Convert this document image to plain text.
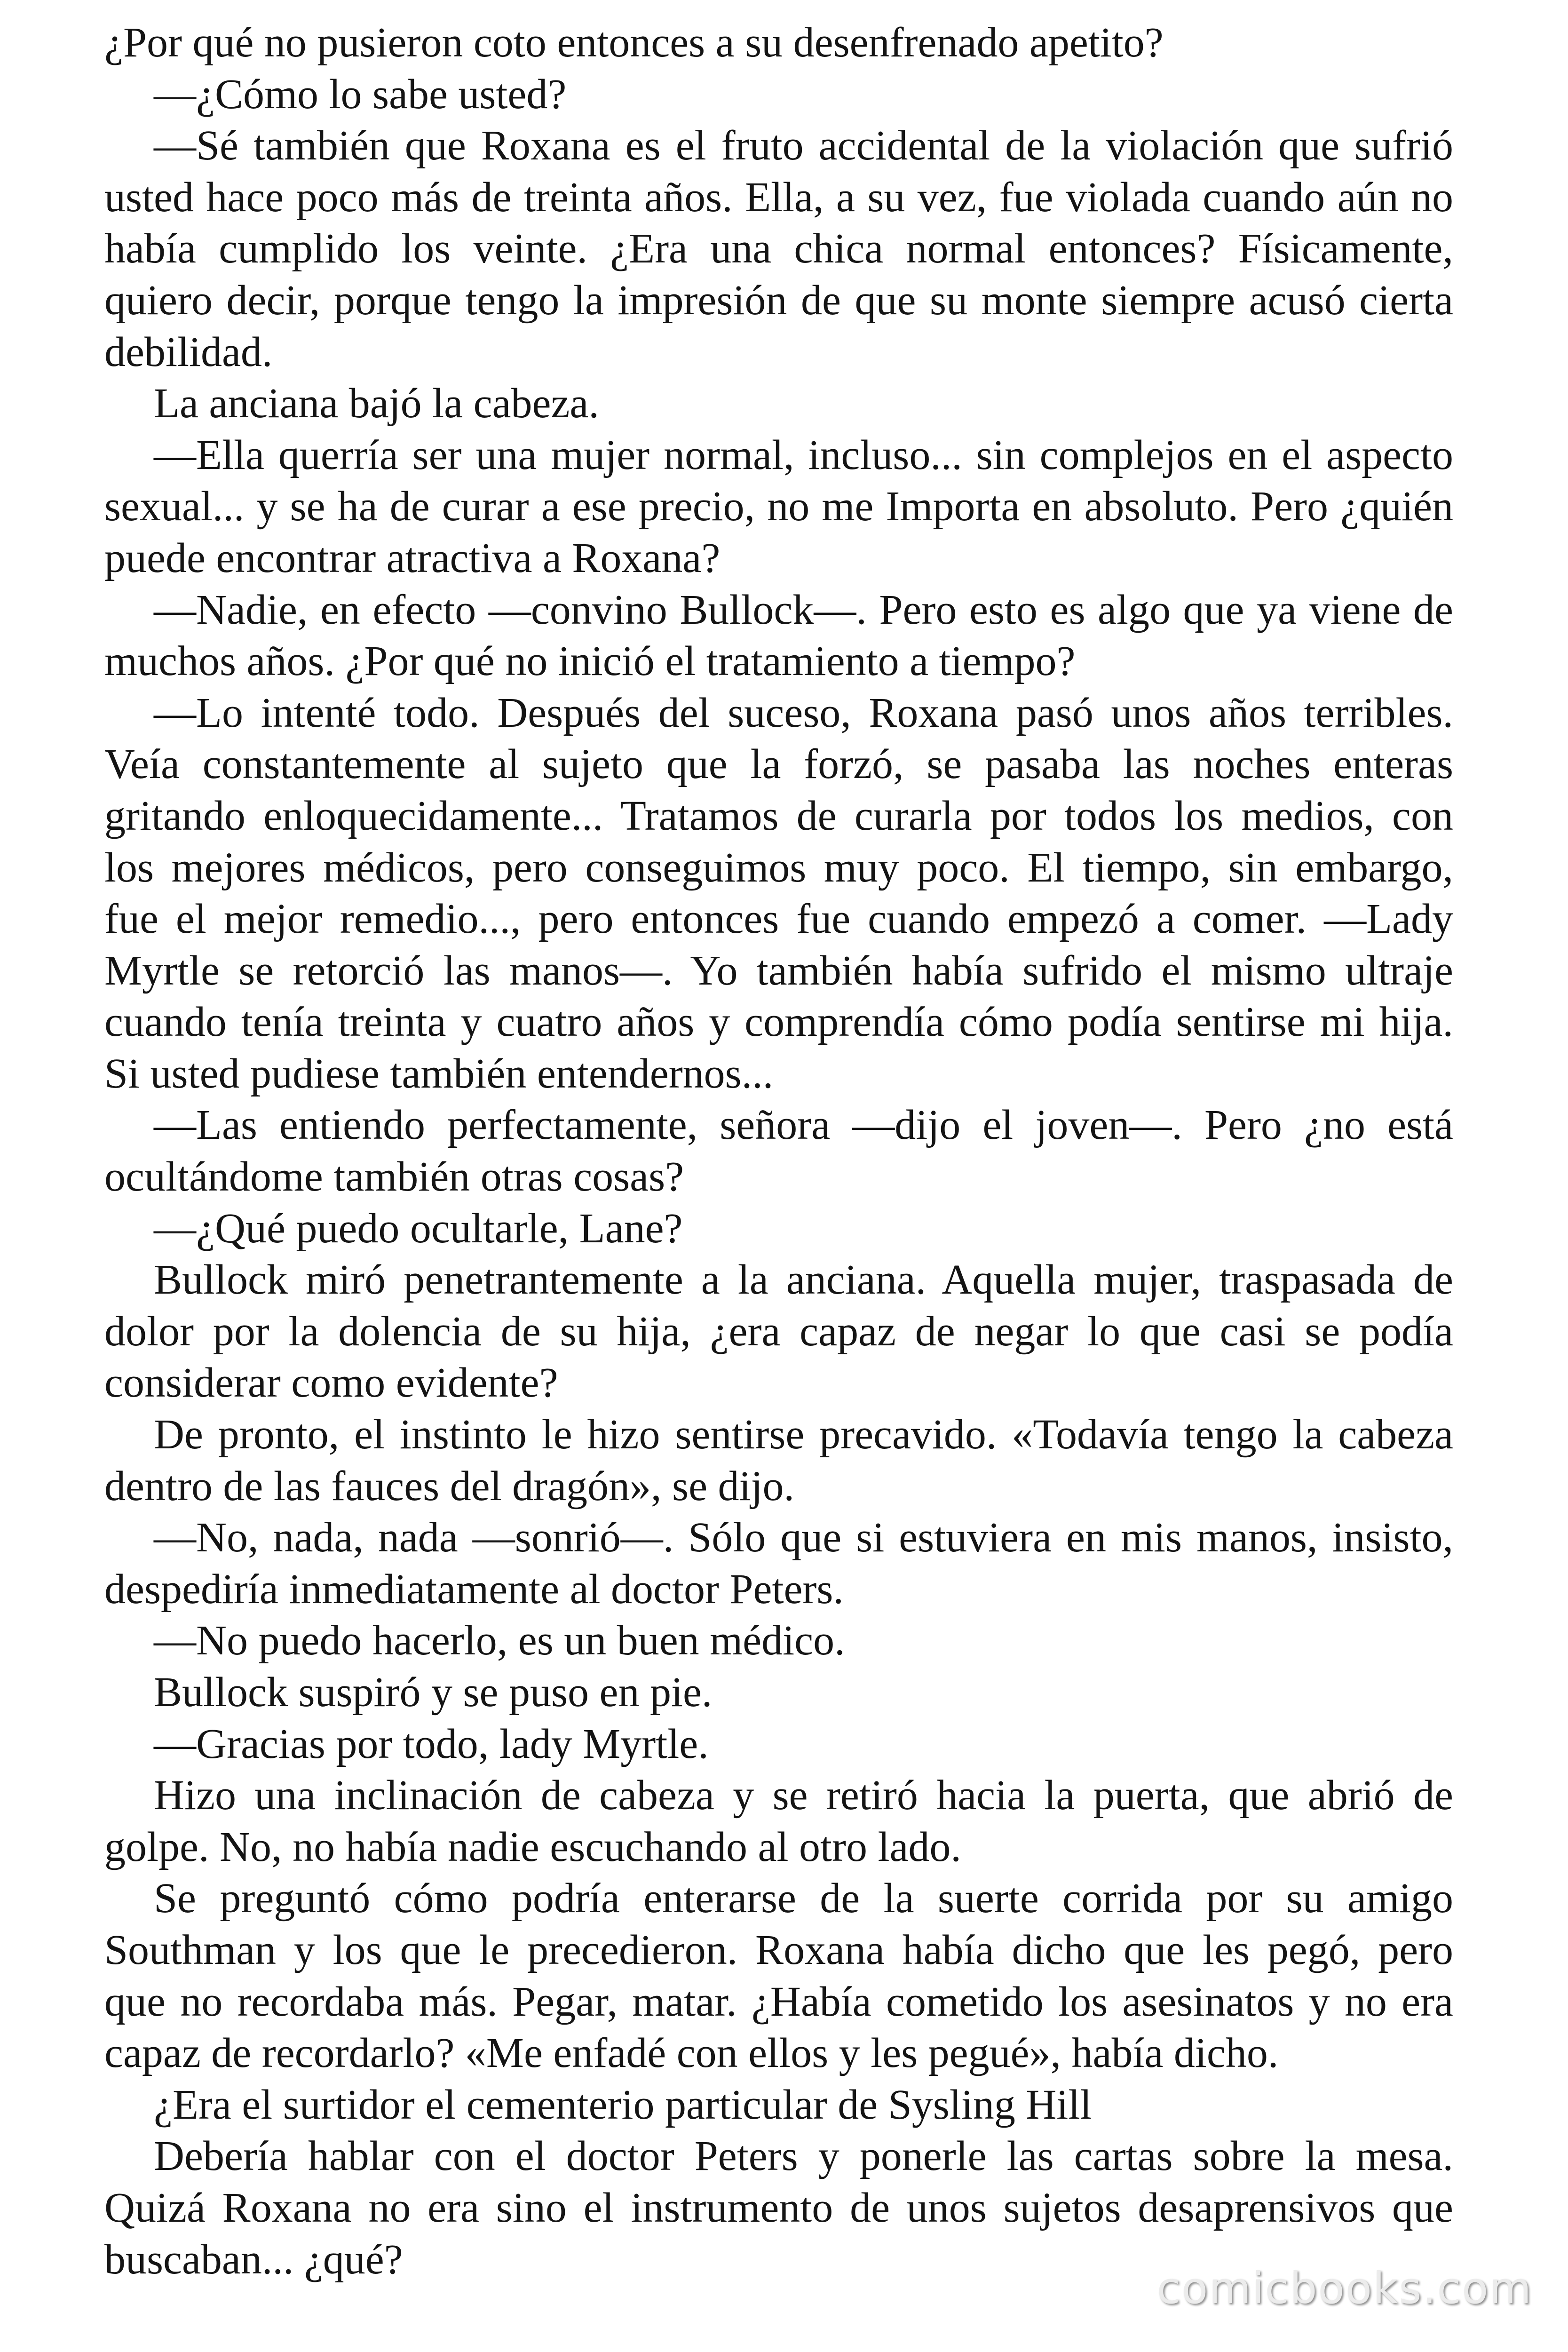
¿Por qué no pusieron coto entonces a su desenfrenado apetito?
—¿Cómo lo sabe usted?
—Sé también que Roxana es el fruto accidental de la violación que sufrió
usted hace poco más de treinta años. Ella, a su vez, fue violada cuando aún no
había cumplido los veinte. ¿Era una chica normal entonces? Físicamente,
quiero decir, porque tengo la impresión de que su monte siempre acusó cierta
debilidad.
La anciana bajó la cabeza.
—Ella querría ser una mujer normal, incluso... sin complejos en el aspecto
sexual... y se ha de curar a ese precio, no me Importa en absoluto. Pero ¿quién
puede encontrar atractiva a Roxana?
—Nadie, en efecto —convino Bullock—. Pero esto es algo que ya viene de
muchos años. ¿Por qué no inició el tratamiento a tiempo?
—Lo intenté todo. Después del suceso, Roxana pasó unos años terribles.
Veía constantemente al sujeto que la forzó, se pasaba las noches enteras
gritando enloquecidamente... Tratamos de curarla por todos los medios, con
los mejores médicos, pero conseguimos muy poco. El tiempo, sin embargo,
fue el mejor remedio..., pero entonces fue cuando empezó a comer. —Lady
Myrtle se retorció las manos—. Yo también había sufrido el mismo ultraje
cuando tenía treinta y cuatro años y comprendía cómo podía sentirse mi hija.
Si usted pudiese también entendernos...
—Las entiendo perfectamente, señora —dijo el joven—. Pero ¿no está
ocultándome también otras cosas?
—¿Qué puedo ocultarle, Lane?
Bullock miró penetrantemente a la anciana. Aquella mujer, traspasada de
dolor por la dolencia de su hija, ¿era capaz de negar lo que casi se podía
considerar como evidente?
De pronto, el instinto le hizo sentirse precavido. «Todavía tengo la cabeza
dentro de las fauces del dragón», se dijo.
—No, nada, nada —sonrió—. Sólo que si estuviera en mis manos, insisto,
despediría inmediatamente al doctor Peters.
—No puedo hacerlo, es un buen médico.
Bullock suspiró y se puso en pie.
—Gracias por todo, lady Myrtle.
Hizo una inclinación de cabeza y se retiró hacia la puerta, que abrió de
golpe. No, no había nadie escuchando al otro lado.
Se preguntó cómo podría enterarse de la suerte corrida por su amigo
Southman y los que le precedieron. Roxana había dicho que les pegó, pero
que no recordaba más. Pegar, matar. ¿Había cometido los asesinatos y no era
capaz de recordarlo? «Me enfadé con ellos y les pegué», había dicho.
¿Era el surtidor el cementerio particular de Sysling Hill
Debería hablar con el doctor Peters y ponerle las cartas sobre la mesa.
Quizá Roxana no era sino el instrumento de unos sujetos desaprensivos que
buscaban... ¿qué?
comicbooks.com
